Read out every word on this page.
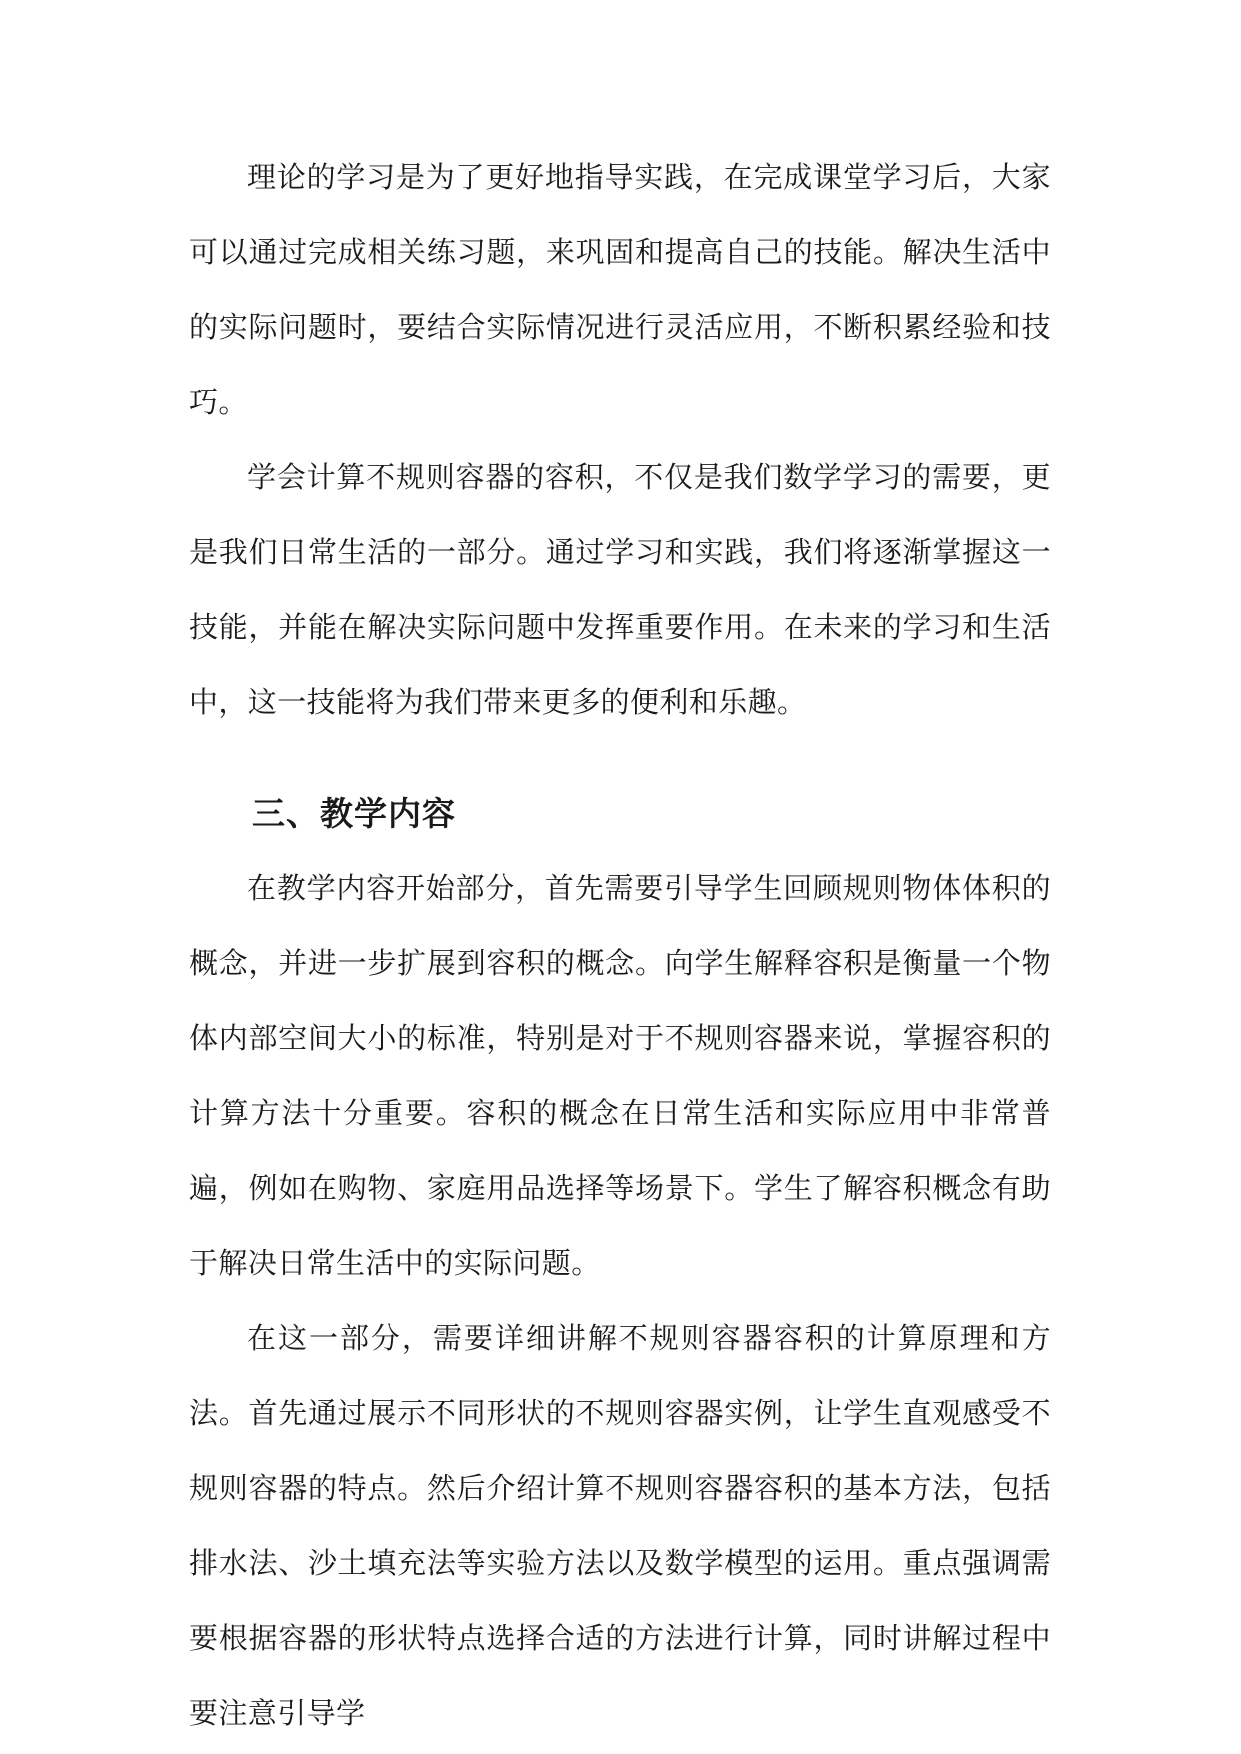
理论的学习是为了更好地指导实践，在完成课堂学习后，大家可以通过完成相关练习题，来巩固和提高自己的技能。解决生活中的实际问题时，要结合实际情况进行灵活应用，不断积累经验和技巧。

学会计算不规则容器的容积，不仅是我们数学学习的需要，更是我们日常生活的一部分。通过学习和实践，我们将逐渐掌握这一技能，并能在解决实际问题中发挥重要作用。在未来的学习和生活中，这一技能将为我们带来更多的便利和乐趣。

三、教学内容

在教学内容开始部分，首先需要引导学生回顾规则物体体积的概念，并进一步扩展到容积的概念。向学生解释容积是衡量一个物体内部空间大小的标准，特别是对于不规则容器来说，掌握容积的计算方法十分重要。容积的概念在日常生活和实际应用中非常普遍，例如在购物、家庭用品选择等场景下。学生了解容积概念有助于解决日常生活中的实际问题。

在这一部分，需要详细讲解不规则容器容积的计算原理和方法。首先通过展示不同形状的不规则容器实例，让学生直观感受不规则容器的特点。然后介绍计算不规则容器容积的基本方法，包括排水法、沙土填充法等实验方法以及数学模型的运用。重点强调需要根据容器的形状特点选择合适的方法进行计算，同时讲解过程中要注意引导学
